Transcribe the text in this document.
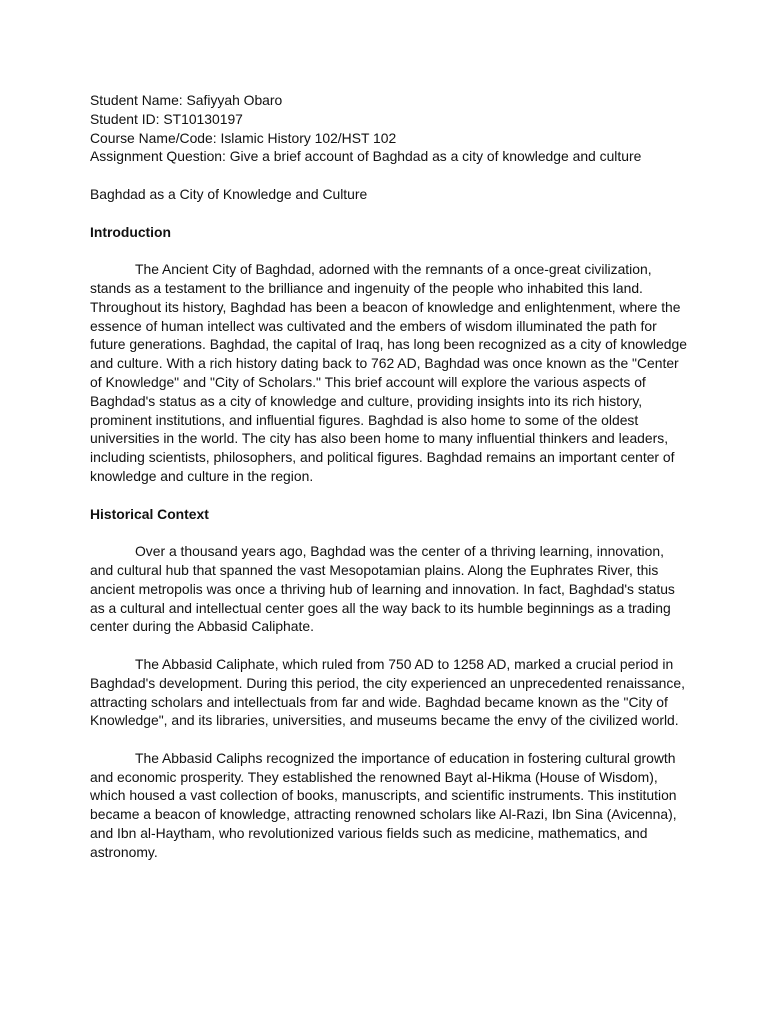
Student Name: Safiyyah Obaro
Student ID: ST10130197
Course Name/Code: Islamic History 102/HST 102
Assignment Question: Give a brief account of Baghdad as a city of knowledge and culture
Baghdad as a City of Knowledge and Culture
Introduction

The Ancient City of Baghdad, adorned with the remnants of a once-great civilization, stands as a testament to the brilliance and ingenuity of the people who inhabited this land. Throughout its history, Baghdad has been a beacon of knowledge and enlightenment, where the essence of human intellect was cultivated and the embers of wisdom illuminated the path for future generations. Baghdad, the capital of Iraq, has long been recognized as a city of knowledge and culture. With a rich history dating back to 762 AD, Baghdad was once known as the "Center of Knowledge" and "City of Scholars." This brief account will explore the various aspects of Baghdad's status as a city of knowledge and culture, providing insights into its rich history, prominent institutions, and influential figures. Baghdad is also home to some of the oldest universities in the world. The city has also been home to many influential thinkers and leaders, including scientists, philosophers, and political figures. Baghdad remains an important center of knowledge and culture in the region.

Historical Context

Over a thousand years ago, Baghdad was the center of a thriving learning, innovation, and cultural hub that spanned the vast Mesopotamian plains. Along the Euphrates River, this ancient metropolis was once a thriving hub of learning and innovation. In fact, Baghdad's status as a cultural and intellectual center goes all the way back to its humble beginnings as a trading center during the Abbasid Caliphate.

The Abbasid Caliphate, which ruled from 750 AD to 1258 AD, marked a crucial period in Baghdad's development. During this period, the city experienced an unprecedented renaissance, attracting scholars and intellectuals from far and wide. Baghdad became known as the "City of Knowledge", and its libraries, universities, and museums became the envy of the civilized world.

The Abbasid Caliphs recognized the importance of education in fostering cultural growth and economic prosperity. They established the renowned Bayt al-Hikma (House of Wisdom), which housed a vast collection of books, manuscripts, and scientific instruments. This institution became a beacon of knowledge, attracting renowned scholars like Al-Razi, Ibn Sina (Avicenna), and Ibn al-Haytham, who revolutionized various fields such as medicine, mathematics, and astronomy.
